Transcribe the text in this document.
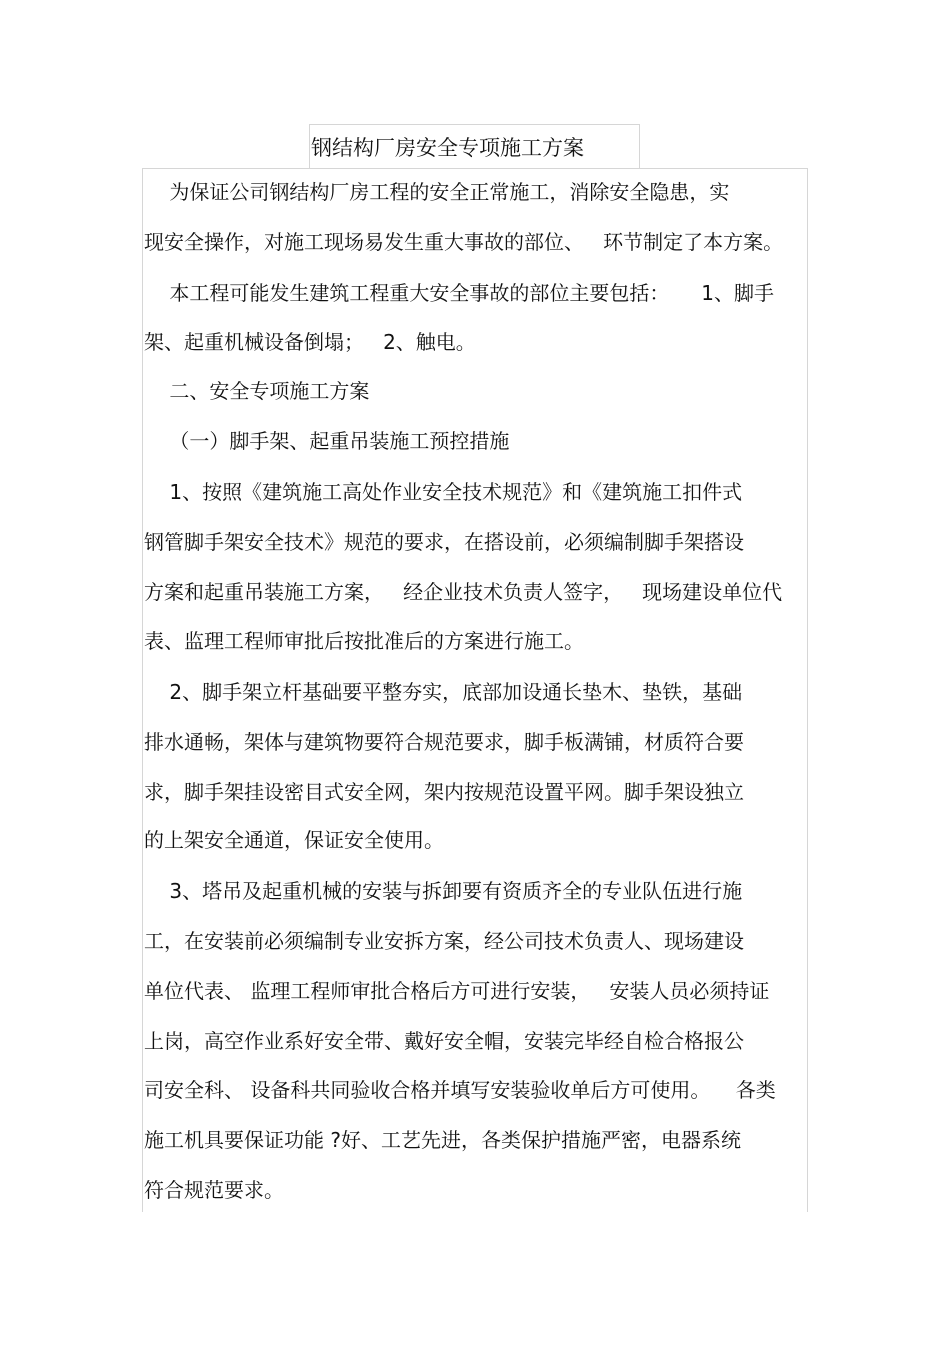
钢结构厂房安全专项施工方案
为保证公司钢结构厂房工程的安全正常施工，消除安全隐患，实
现安全操作，对施工现场易发生重大事故的部位、   环节制定了本方案。
本工程可能发生建筑工程重大安全事故的部位主要包括：     1、脚手
架、起重机械设备倒塌；   2、触电。
二、安全专项施工方案
（一）脚手架、起重吊装施工预控措施
1、按照《建筑施工高处作业安全技术规范》和《建筑施工扣件式
钢管脚手架安全技术》规范的要求，在搭设前，必须编制脚手架搭设
方案和起重吊装施工方案，   经企业技术负责人签字，   现场建设单位代
表、监理工程师审批后按批准后的方案进行施工。
2、脚手架立杆基础要平整夯实，底部加设通长垫木、垫铁，基础
排水通畅，架体与建筑物要符合规范要求，脚手板满铺，材质符合要
求，脚手架挂设密目式安全网，架内按规范设置平网。脚手架设独立
的上架安全通道，保证安全使用。
3、塔吊及起重机械的安装与拆卸要有资质齐全的专业队伍进行施
工，在安装前必须编制专业安拆方案，经公司技术负责人、现场建设
单位代表、 监理工程师审批合格后方可进行安装，   安装人员必须持证
上岗，高空作业系好安全带、戴好安全帽，安装完毕经自检合格报公
司安全科、 设备科共同验收合格并填写安装验收单后方可使用。    各类
施工机具要保证功能 ?好、工艺先进，各类保护措施严密，电器系统
符合规范要求。
